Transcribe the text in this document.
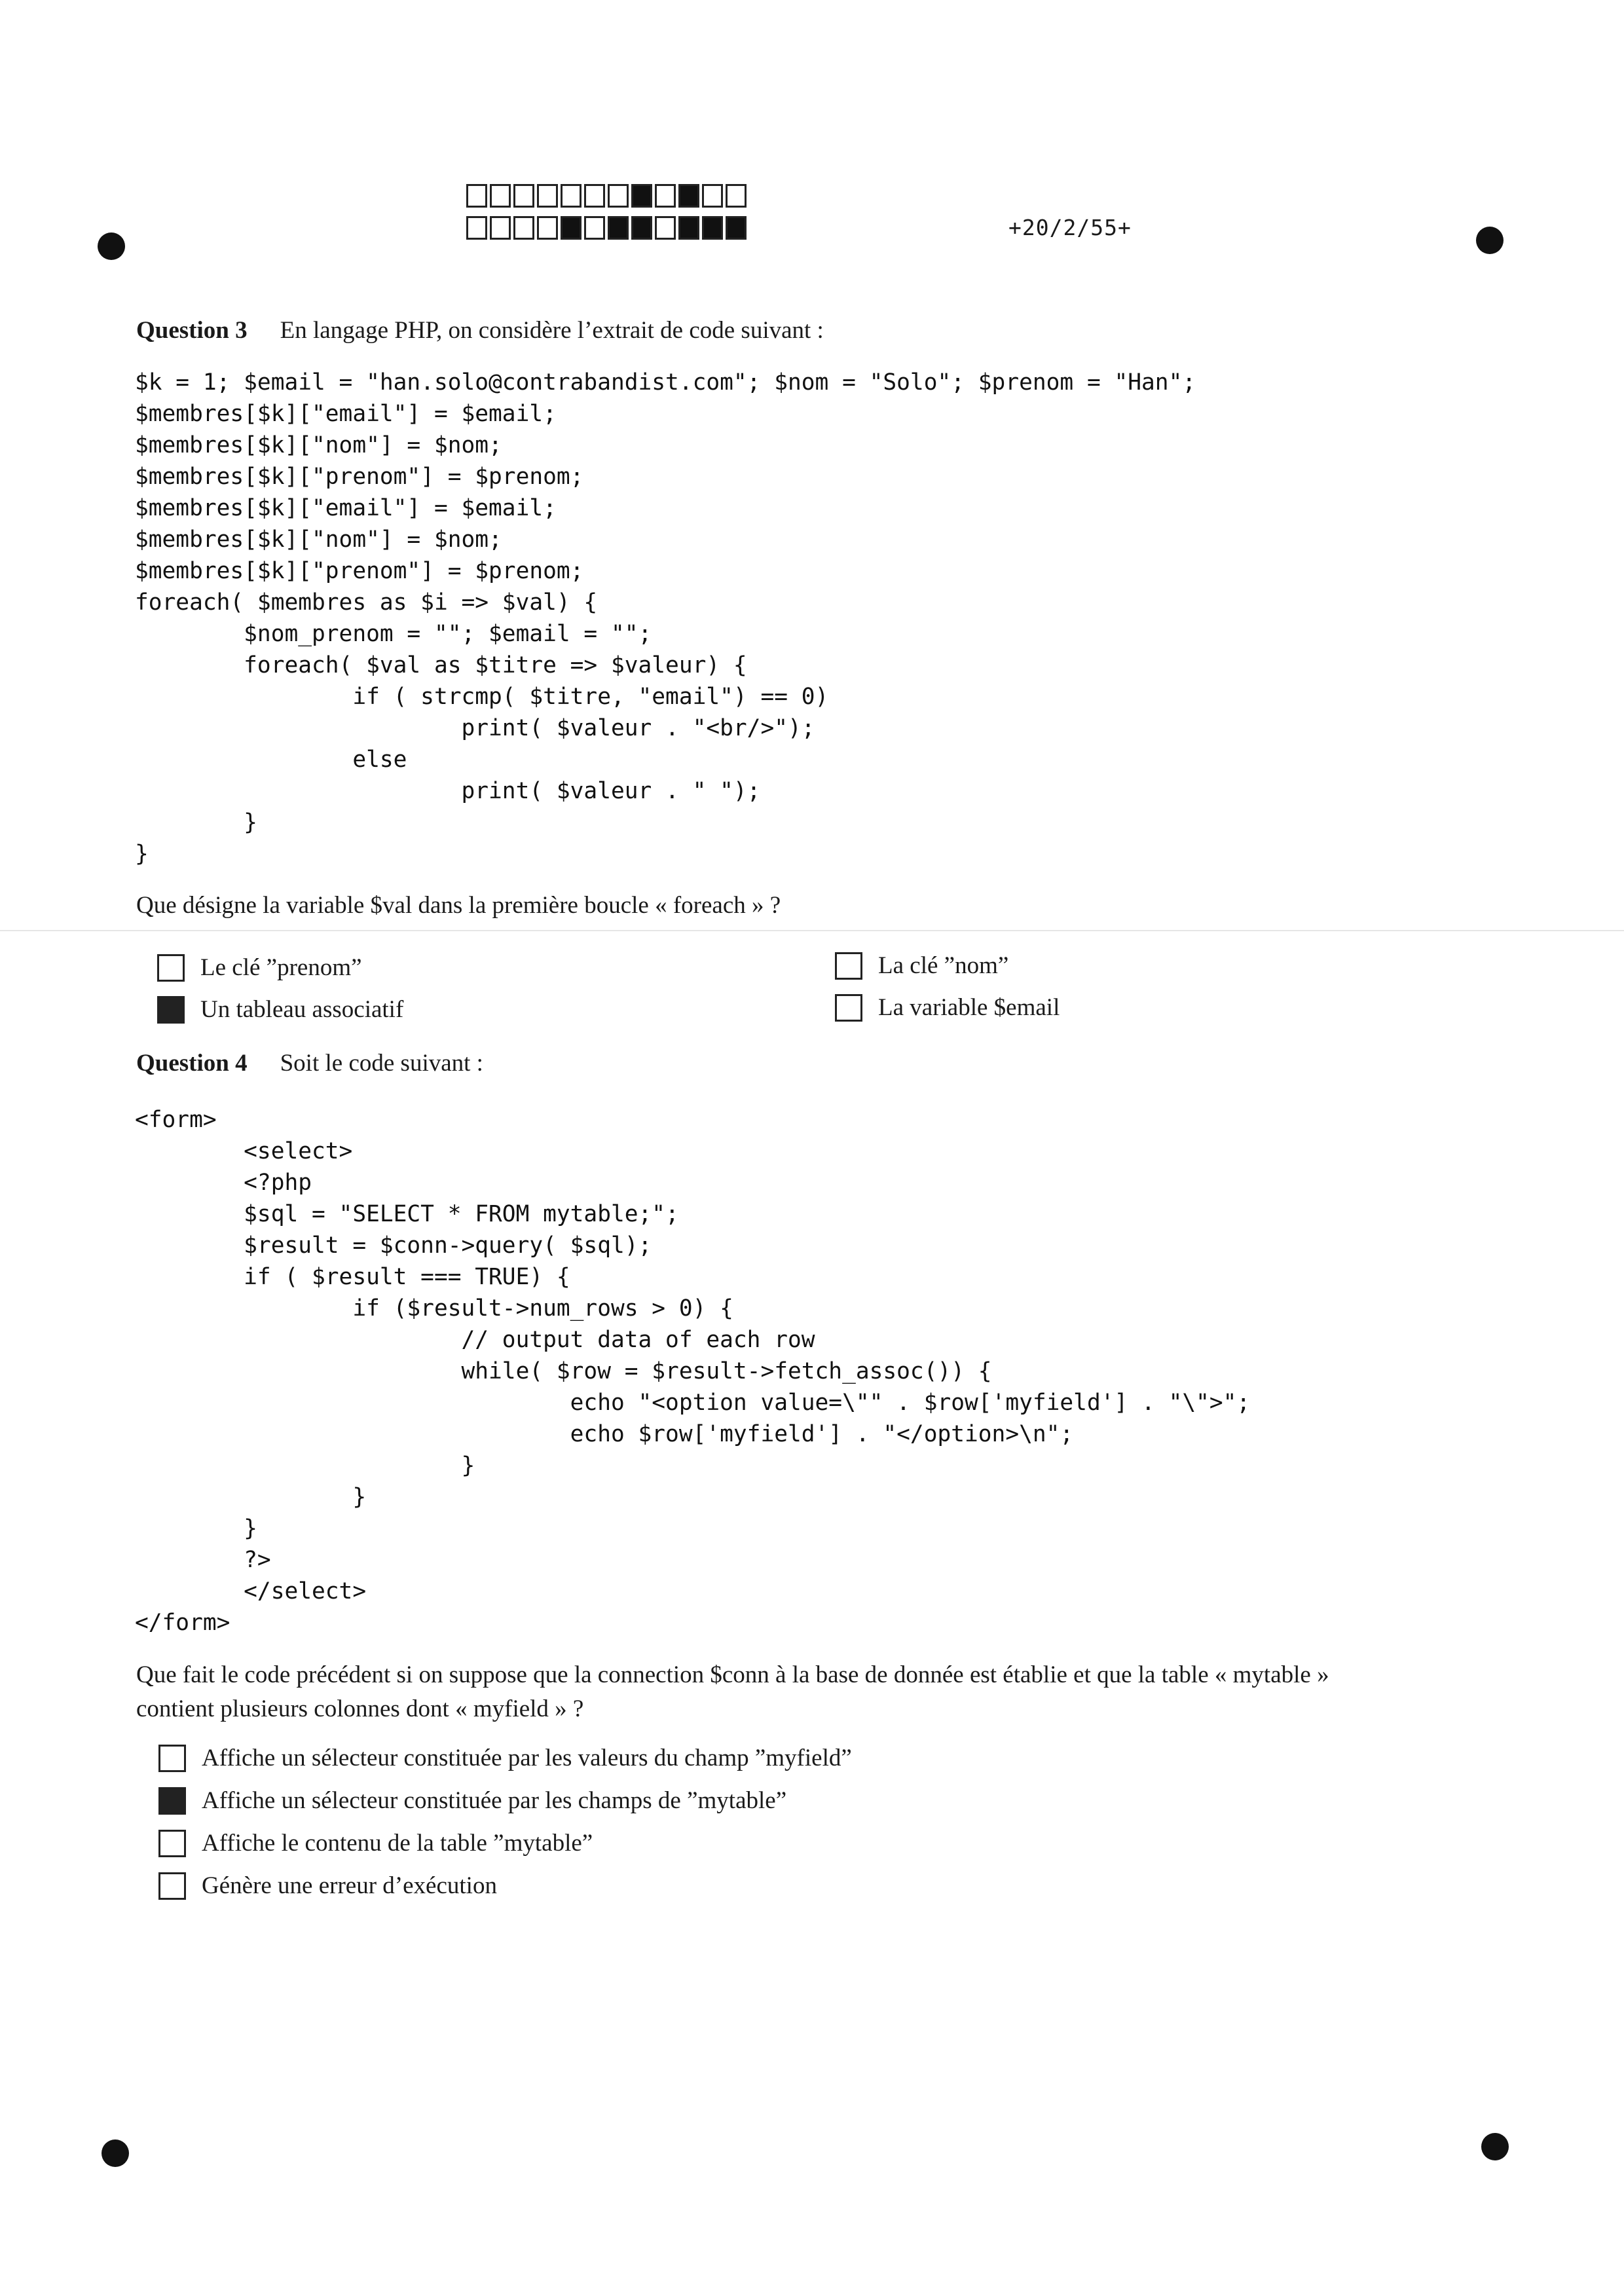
+20/2/55+
Question 3 En langage PHP, on considère l’extrait de code suivant :
$k = 1; $email = "han.solo@contrabandist.com"; $nom = "Solo"; $prenom = "Han";
$membres[$k]["email"] = $email;
$membres[$k]["nom"] = $nom;
$membres[$k]["prenom"] = $prenom;
$membres[$k]["email"] = $email;
$membres[$k]["nom"] = $nom;
$membres[$k]["prenom"] = $prenom;
foreach( $membres as $i => $val) {
$nom_prenom = ""; $email = "";
foreach( $val as $titre => $valeur) {
if ( strcmp( $titre, "email") == 0)
print( $valeur . "<br/>");
else
print( $valeur . " ");
}
}
Que désigne la variable $val dans la première boucle « foreach » ?
Le clé ”prenom”
Un tableau associatif
La clé ”nom”
La variable $email
Question 4 Soit le code suivant :
<form>
<select>
<?php
$sql = "SELECT * FROM mytable;";
$result = $conn->query( $sql);
if ( $result === TRUE) {
if ($result->num_rows > 0) {
// output data of each row
while( $row = $result->fetch_assoc()) {
echo "<option value=\"" . $row['myfield'] . "\">";
echo $row['myfield'] . "</option>\n";
}
}
}
?>
</select>
</form>
Que fait le code précédent si on suppose que la connection $conn à la base de donnée est établie et que la table « mytable »
contient plusieurs colonnes dont « myfield » ?
Affiche un sélecteur constituée par les valeurs du champ ”myfield”
Affiche un sélecteur constituée par les champs de ”mytable”
Affiche le contenu de la table ”mytable”
Génère une erreur d’exécution
